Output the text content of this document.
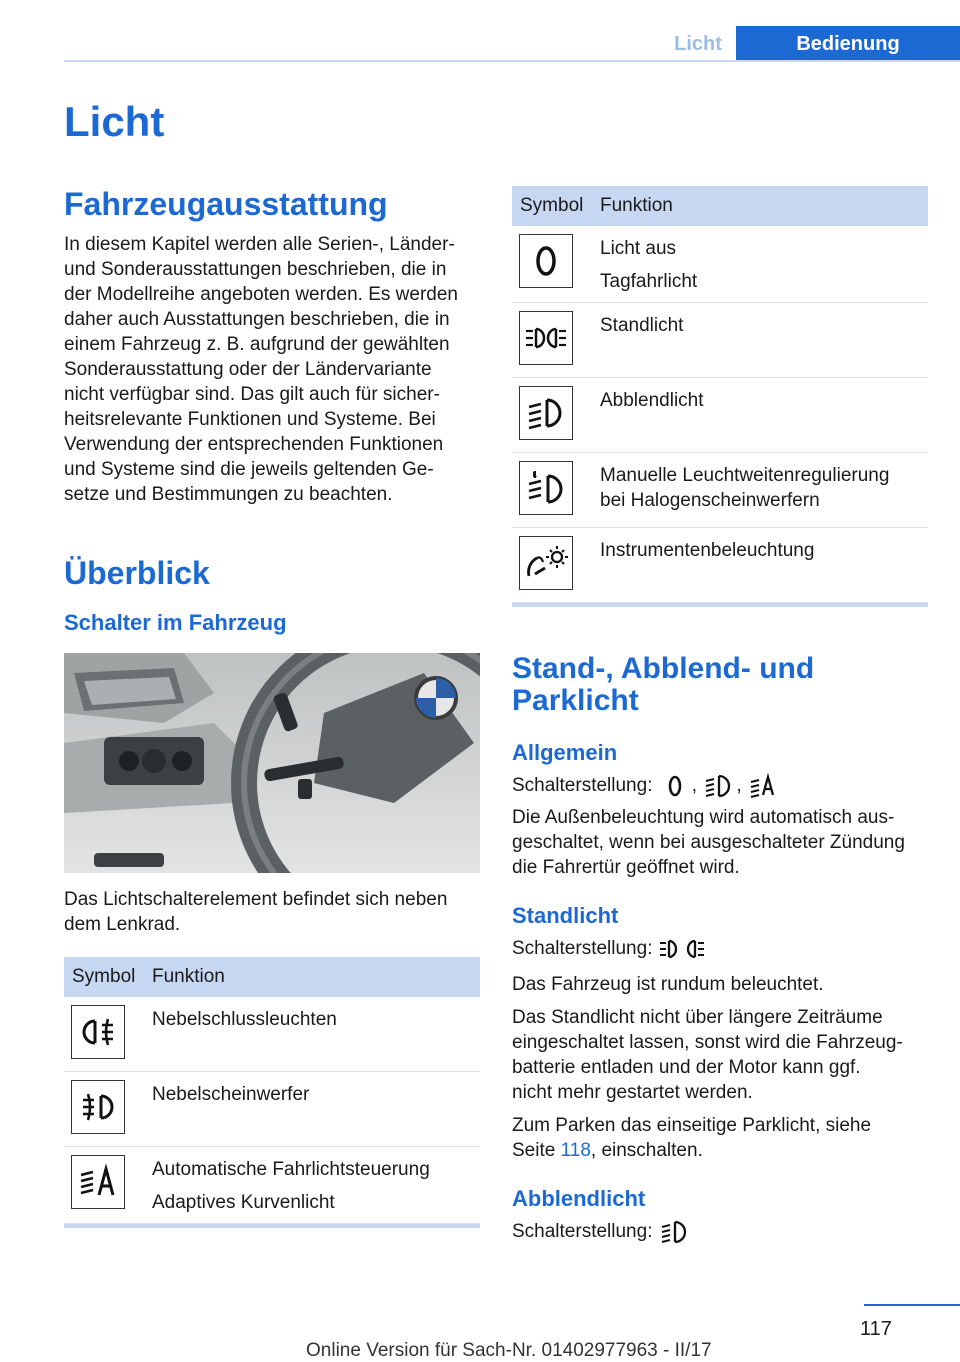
Licht	Bedienung
Licht
Fahrzeugausstattung
In diesem Kapitel werden alle Serien-, Länder-
und Sonderausstattungen beschrieben, die in
der Modellreihe angeboten werden. Es werden
daher auch Ausstattungen beschrieben, die in
einem Fahrzeug z. B. aufgrund der gewählten
Sonderausstattung oder der Ländervariante
nicht verfügbar sind. Das gilt auch für sicher-
heitsrelevante Funktionen und Systeme. Bei
Verwendung der entsprechenden Funktionen
und Systeme sind die jeweils geltenden Ge-
setze und Bestimmungen zu beachten.
Überblick
Schalter im Fahrzeug
Das Lichtschalterelement befindet sich neben
dem Lenkrad.
Symbol	Funktion

Nebelschlussleuchten

Nebelscheinwerfer

Automatische Fahrlichtsteuerung
Adaptives Kurvenlicht
Symbol	Funktion

Licht aus
Tagfahrlicht

Standlicht

Abblendlicht

Manuelle Leuchtweitenregulierung
bei Halogenscheinwerfern

Instrumentenbeleuchtung
Stand-, Abblend- und
Parklicht
Allgemein
Schalterstellung: , ,
Die Außenbeleuchtung wird automatisch aus-
geschaltet, wenn bei ausgeschalteter Zündung
die Fahrertür geöffnet wird.
Standlicht
Schalterstellung:
Das Fahrzeug ist rundum beleuchtet.
Das Standlicht nicht über längere Zeiträume
eingeschaltet lassen, sonst wird die Fahrzeug-
batterie entladen und der Motor kann ggf.
nicht mehr gestartet werden.
Zum Parken das einseitige Parklicht, siehe
Seite 118, einschalten.
Abblendlicht
Schalterstellung:
117
Online Version für Sach-Nr. 01402977963 - II/17
